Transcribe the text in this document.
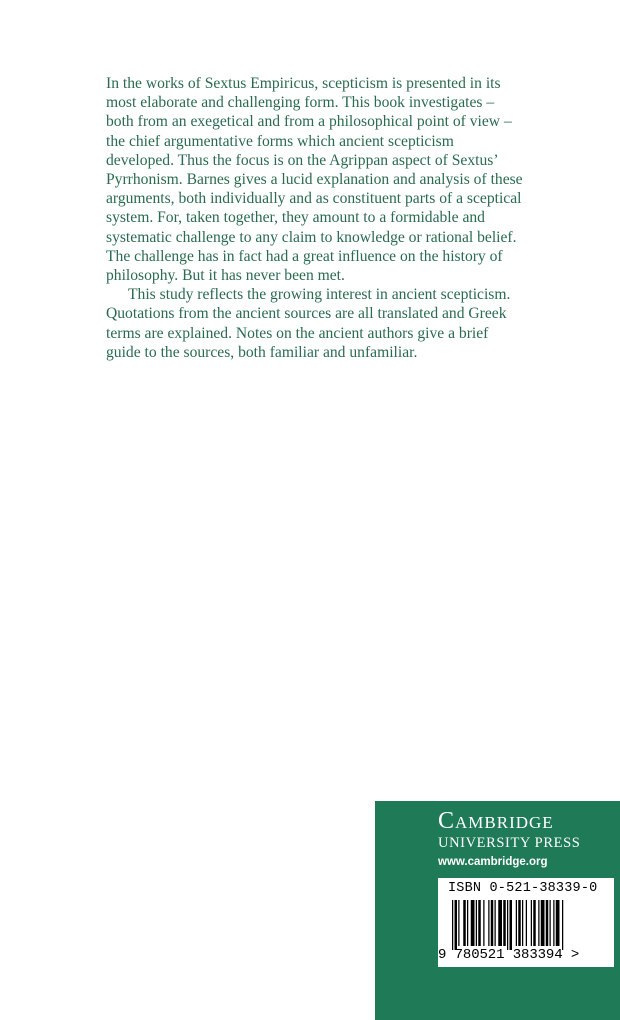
In the works of Sextus Empiricus, scepticism is presented in its most elaborate and challenging form. This book investigates – both from an exegetical and from a philosophical point of view – the chief argumentative forms which ancient scepticism developed. Thus the focus is on the Agrippan aspect of Sextus’ Pyrrhonism. Barnes gives a lucid explanation and analysis of these arguments, both individually and as constituent parts of a sceptical system. For, taken together, they amount to a formidable and systematic challenge to any claim to knowledge or rational belief. The challenge has in fact had a great influence on the history of philosophy. But it has never been met.

This study reflects the growing interest in ancient scepticism. Quotations from the ancient sources are all translated and Greek terms are explained. Notes on the ancient authors give a brief guide to the sources, both familiar and unfamiliar.

Cambridge
UNIVERSITY PRESS
www.cambridge.org
ISBN 0-521-38339-0
9 780521 383394 >
